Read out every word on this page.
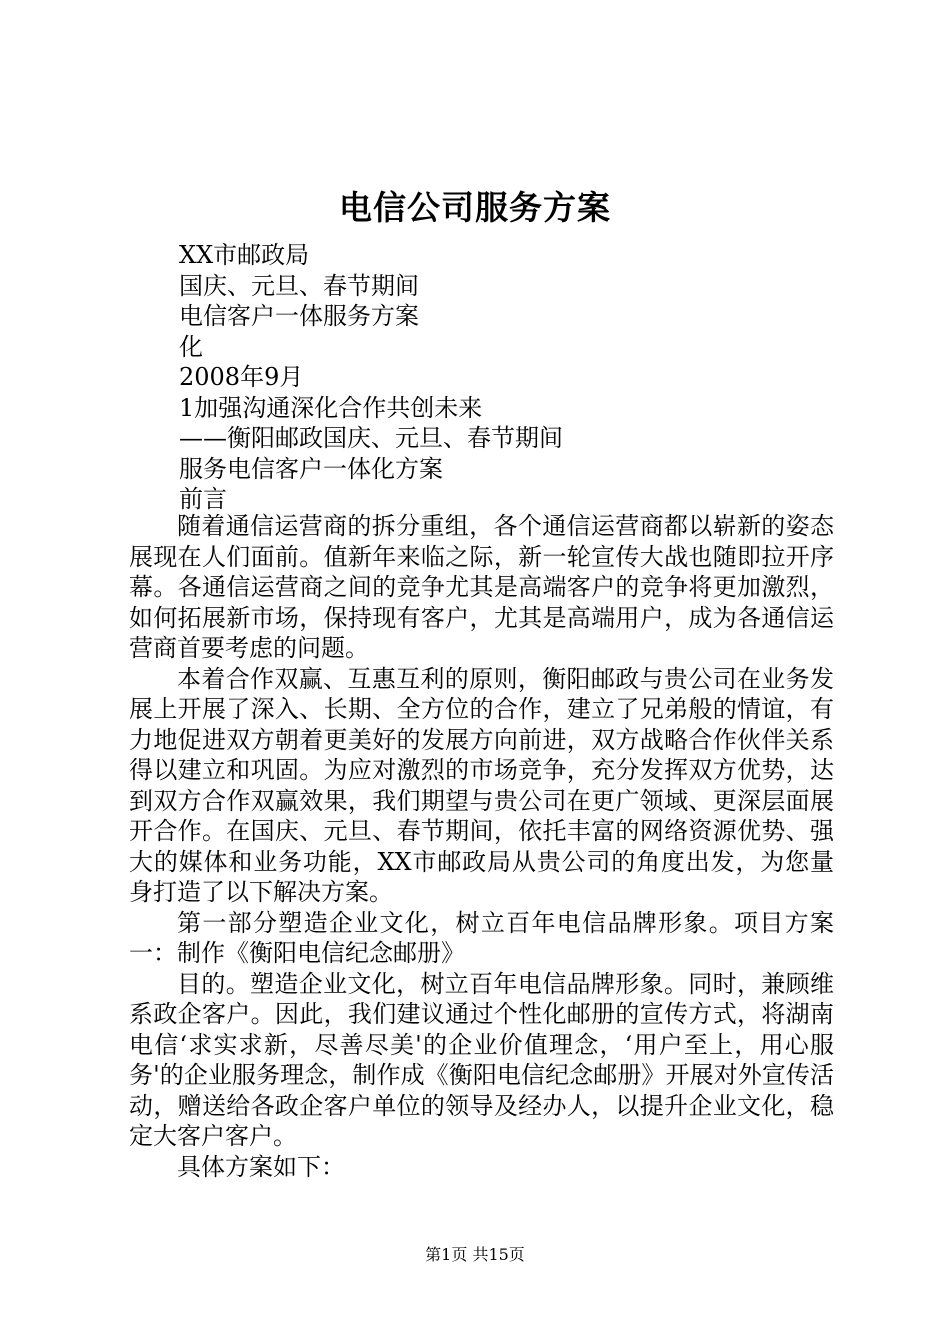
电信公司服务方案
XX市邮政局
国庆、元旦、春节期间
电信客户一体服务方案
化
2008年9月
1加强沟通深化合作共创未来
——衡阳邮政国庆、元旦、春节期间
服务电信客户一体化方案
前言

随着通信运营商的拆分重组，各个通信运营商都以崭新的姿态展现在人们面前。值新年来临之际，新一轮宣传大战也随即拉开序幕。各通信运营商之间的竞争尤其是高端客户的竞争将更加激烈，如何拓展新市场，保持现有客户，尤其是高端用户，成为各通信运营商首要考虑的问题。

本着合作双赢、互惠互利的原则，衡阳邮政与贵公司在业务发展上开展了深入、长期、全方位的合作，建立了兄弟般的情谊，有力地促进双方朝着更美好的发展方向前进，双方战略合作伙伴关系得以建立和巩固。为应对激烈的市场竞争，充分发挥双方优势，达到双方合作双赢效果，我们期望与贵公司在更广领域、更深层面展开合作。在国庆、元旦、春节期间，依托丰富的网络资源优势、强大的媒体和业务功能，XX市邮政局从贵公司的角度出发，为您量身打造了以下解决方案。

第一部分塑造企业文化，树立百年电信品牌形象。项目方案一：制作《衡阳电信纪念邮册》

目的。塑造企业文化，树立百年电信品牌形象。同时，兼顾维系政企客户。因此，我们建议通过个性化邮册的宣传方式，将湖南电信‘求实求新，尽善尽美'的企业价值理念，‘用户至上，用心服务'的企业服务理念，制作成《衡阳电信纪念邮册》开展对外宣传活动，赠送给各政企客户单位的领导及经办人，以提升企业文化，稳定大客户客户。

具体方案如下：

第1页 共15页
